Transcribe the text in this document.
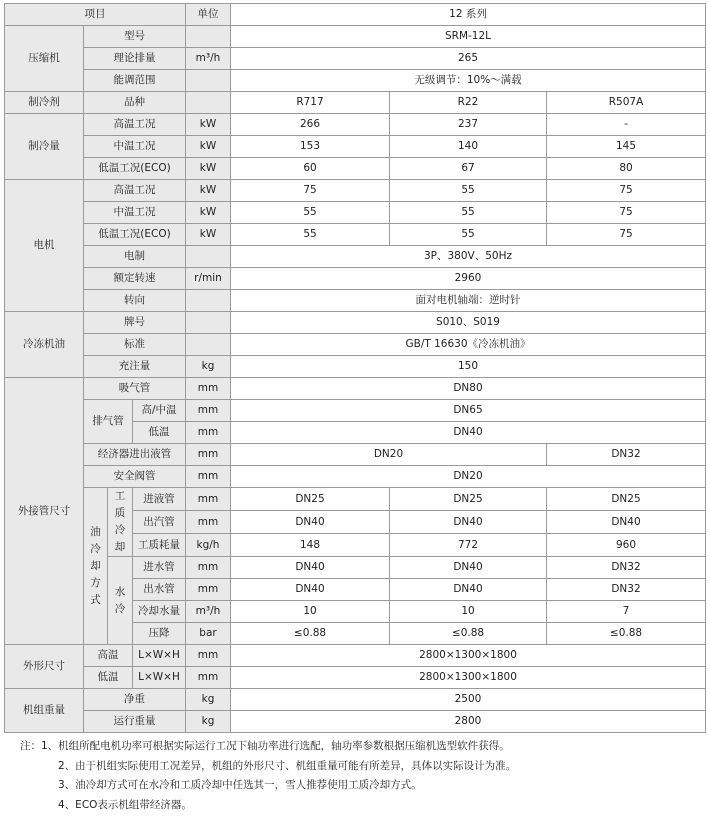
项目				单位	12 系列		
压缩机	型号				SRM-12L		
	理论排量			m³/h	265		
	能调范围				无级调节：10%～满载		
制冷剂	品种				R717	R22	R507A
制冷量	高温工况			kW	266	237	-
	中温工况			kW	153	140	145
	低温工况(ECO)			kW	60	67	80
电机	高温工况			kW	75	55	75
	中温工况			kW	55	55	75
	低温工况(ECO)			kW	55	55	75
	电制				3P、380V、50Hz		
	额定转速			r/min	2960		
	转向				面对电机轴端：逆时针		
冷冻机油	牌号				S010、S019		
	标准				GB/T 16630《冷冻机油》		
	充注量			kg	150		
外接管尺寸	吸气管			mm	DN80		
	排气管		高/中温	mm	DN65		
			低温	mm	DN40		
	经济器进出液管			mm	DN20		DN32
	安全阀管			mm	DN20		
	油冷却方式	工质冷却	进液管	mm	DN25	DN25	DN25
			出汽管	mm	DN40	DN40	DN40
			工质耗量	kg/h	148	772	960
		水冷	进水管	mm	DN40	DN40	DN32
			出水管	mm	DN40	DN40	DN32
			冷却水量	m³/h	10	10	7
			压降	bar	≤0.88	≤0.88	≤0.88
外形尺寸	高温		L×W×H	mm	2800×1300×1800		
	低温		L×W×H	mm	2800×1300×1800		
机组重量	净重			kg	2500		
	运行重量			kg	2800		
注：1、机组所配电机功率可根据实际运行工况下轴功率进行选配，轴功率参数根据压缩机选型软件获得。
2、由于机组实际使用工况差异，机组的外形尺寸、机组重量可能有所差异，具体以实际设计为准。
3、油冷却方式可在水冷和工质冷却中任选其一，雪人推荐使用工质冷却方式。
4、ECO表示机组带经济器。
